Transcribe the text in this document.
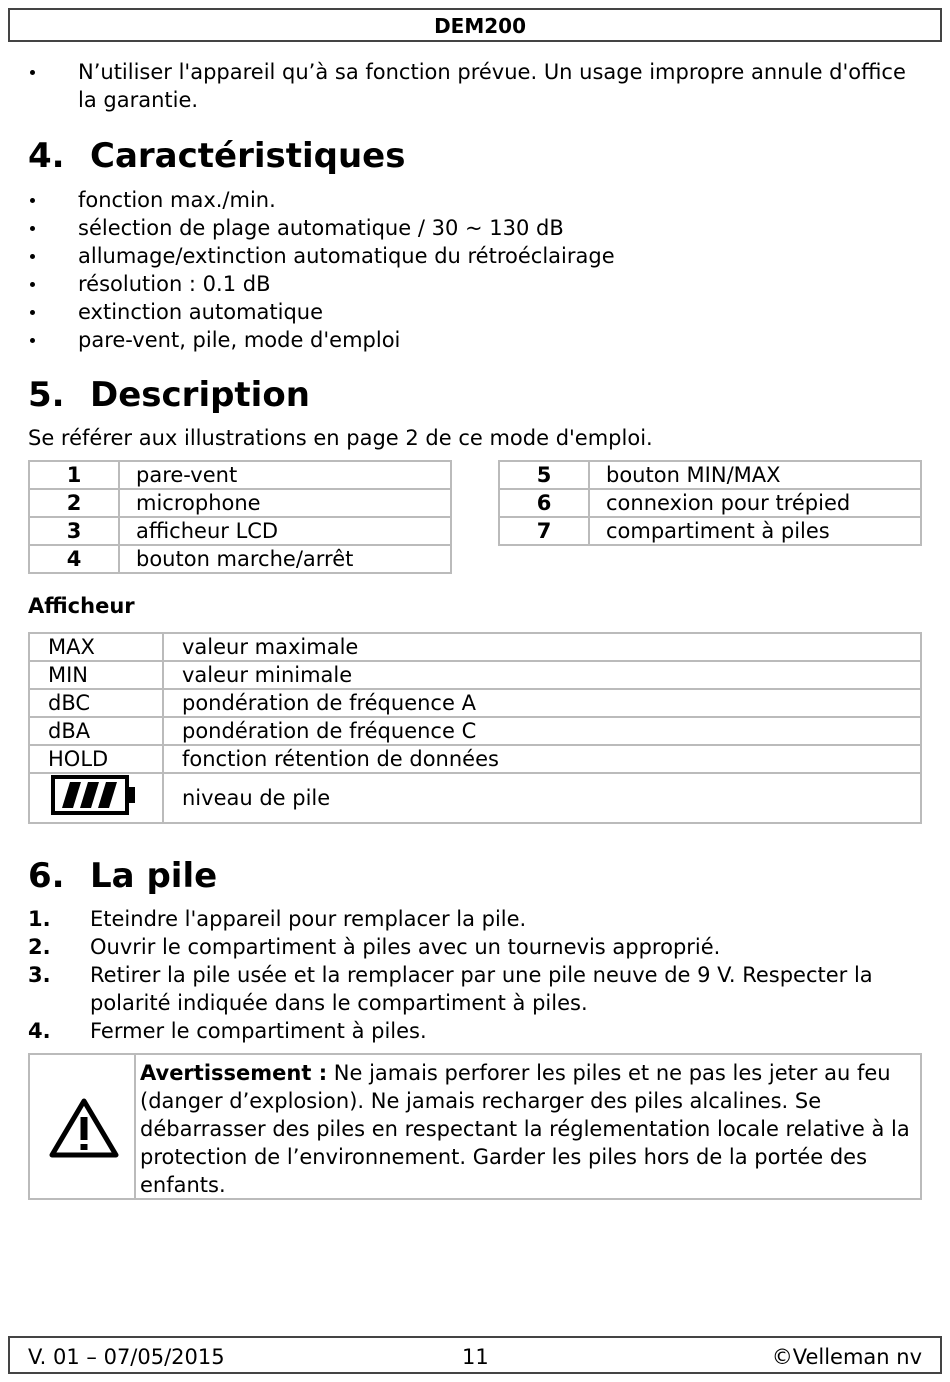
DEM200
N’utiliser l'appareil qu’à sa fonction prévue. Un usage impropre annule d'office la garantie.
4. Caractéristiques
fonction max./min.
sélection de plage automatique / 30 ~ 130 dB
allumage/extinction automatique du rétroéclairage
résolution : 0.1 dB
extinction automatique
pare-vent, pile, mode d'emploi
5. Description
Se référer aux illustrations en page 2 de ce mode d'emploi.
1	pare-vent
2	microphone
3	afficheur LCD
4	bouton marche/arrêt
5	bouton MIN/MAX
6	connexion pour trépied
7	compartiment à piles
Afficheur
MAX	valeur maximale
MIN	valeur minimale
dBC	pondération de fréquence A
dBA	pondération de fréquence C
HOLD	fonction rétention de données
	niveau de pile
6. La pile
1. Eteindre l'appareil pour remplacer la pile.
2. Ouvrir le compartiment à piles avec un tournevis approprié.
3. Retirer la pile usée et la remplacer par une pile neuve de 9 V. Respecter la polarité indiquée dans le compartiment à piles.
4. Fermer le compartiment à piles.
Avertissement : Ne jamais perforer les piles et ne pas les jeter au feu (danger d’explosion). Ne jamais recharger des piles alcalines. Se débarrasser des piles en respectant la réglementation locale relative à la protection de l’environnement. Garder les piles hors de la portée des enfants.
V. 01 – 07/05/2015	11	©Velleman nv
